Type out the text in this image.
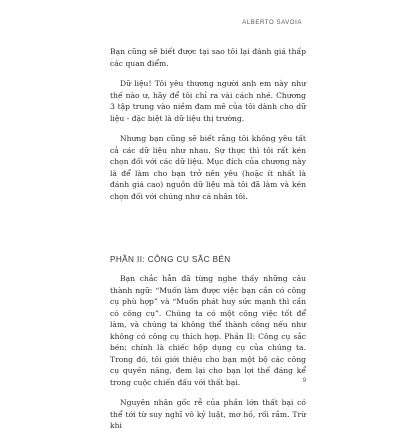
ALBERTO SAVOIA

Bạn cũng sẽ biết được tại sao tôi lại đánh giá thấp các quan điểm.

Dữ liệu! Tôi yêu thương người anh em này như thế nào ư, hãy để tôi chỉ ra vài cách nhé. Chương 3 tập trung vào niềm đam mê của tôi dành cho dữ liệu - đặc biệt là dữ liệu thị trường.

Nhưng bạn cũng sẽ biết rằng tôi không yêu tất cả các dữ liệu như nhau. Sự thực thì tôi rất kén chọn đối với các dữ liệu. Mục đích của chương này là để làm cho bạn trở nên yêu (hoặc ít nhất là đánh giá cao) nguồn dữ liệu mà tôi đã làm và kén chọn đối với chúng như cá nhân tôi.

PHẦN II: CÔNG CỤ SẮC BÉN

Bạn chắc hẳn đã từng nghe thấy những câu thành ngữ: “Muốn làm được việc bạn cần có công cụ phù hợp” và “Muốn phát huy sức mạnh thì cần có công cụ”. Chúng ta có một công việc tốt để làm, và chúng ta không thể thành công nếu như không có công cụ thích hợp. Phần II: Công cụ sắc bén: chính là chiếc hộp dụng cụ của chúng ta. Trong đó, tôi giới thiệu cho bạn một bộ các công cụ quyền năng, đem lại cho bạn lợi thế đáng kể trong cuộc chiến đấu với thất bại.

Nguyên nhân gốc rễ của phần lớn thất bại có thể tới từ suy nghĩ vô kỷ luật, mơ hồ, rối rắm. Trừ khi

9
